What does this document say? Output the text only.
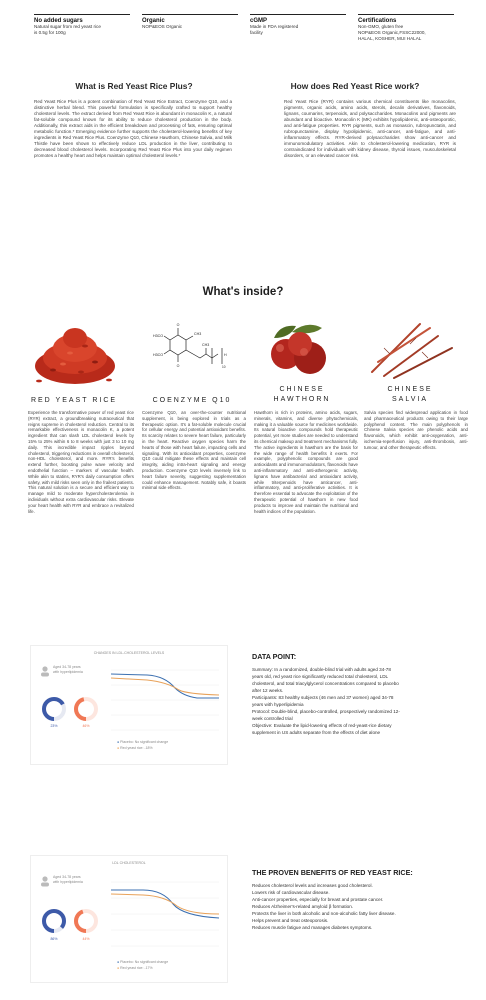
No added sugars
Natural sugar from red yeast rice
is 0.5g for 100g
Organic
NOP&EOS Organic
cGMP
Made in FDA registered
facility
Certifications
Non-GMO, gluten free
NOP&EOS Organic,FSSC22000,
HALAL, KOSHER, MUI HALAL
What is Red Yeast Rice Plus?
Red Yeast Rice Plus is a potent combination of Red Yeast Rice Extract, Coenzyme Q10, and a distinctive herbal blend. This powerful formulation is specifically crafted to support healthy cholesterol levels. The extract derived from Red Yeast Rice is abundant in monacolin K, a natural fat-soluble compound known for its ability to reduce cholesterol production in the body. Additionally, this extract aids in the efficient breakdown and processing of fats, ensuring optimal metabolic function.* Emerging evidence further supports the cholesterol-lowering benefits of key ingredients in Red Yeast Rice Plus. Coenzyme Q10, Chinese Hawthorn, Chinese Salvia, and Milk Thistle have been shown to effectively reduce LDL production in the liver, contributing to decreased blood cholesterol levels. Incorporating Red Yeast Rice Plus into your daily regimen promotes a healthy heart and helps maintain optimal cholesterol levels.*
How does Red Yeast Rice work?
Red Yeast Rice (RYR) contains various chemical constituents like monacolins, pigments, organic acids, amino acids, sterols, decalin derivatives, flavonoids, lignans, coumarins, terpenoids, and polysaccharides. Monacolins and pigments are abundant and bioactive. Monacolin K (MK) exhibits hypolipidemic, anti-osteoporotic, and anti-fatigue properties. RYR pigments, such as monascin, rubropunctatin, and rubropunctamine, display hypolipidemic, anti-cancer, anti-fatigue, and anti-inflammatory effects. RYR-derived polysaccharides show anti-cancer and immunomodulatory activities. Akin to cholesterol-lowering medication, RYR is contraindicated for individuals with kidney disease, thyroid issues, musculoskeletal disorders, or an elevated cancer risk.
What's inside?
O
O
H3CO
H3CO
CH3
CH3
H
10
CHINESE
HAWTHORN
CHINESE
SALVIA
RED YEAST RICE	COENZYME Q10
Experience the transformative power of red yeast rice (RYR) extract, a groundbreaking nutraceutical that reigns supreme in cholesterol reduction. Central to its remarkable effectiveness is monacolin K, a potent ingredient that can slash LDL cholesterol levels by 15% to 25% within 6 to 8 weeks with just 3 to 10 mg daily. This incredible impact ripples beyond cholesterol, triggering reductions in overall cholesterol, non-HDL cholesterol, and more. RYR's benefits extend further, boosting pulse wave velocity and endothelial function – markers of vascular health. While akin to statins, RYR's daily consumption offers safety, with mild risks seen only in the frailest patients. This natural solution is a secure and efficient way to manage mild to moderate hypercholesterolemia in individuals without extra cardiovascular risks. Elevate your heart health with RYR and embrace a revitalized life.
Coenzyme Q10, an over-the-counter nutritional supplement, is being explored in trials as a therapeutic option. It's a fat-soluble molecule crucial for cellular energy and potential antioxidant benefits. Its scarcity relates to severe heart failure, particularly in the heart. Reactive oxygen species harm the hearts of those with heart failure, impacting cells and signaling. With its antioxidant properties, coenzyme Q10 could mitigate these effects and maintain cell integrity, aiding intra-heart signaling and energy production. Coenzyme Q10 levels inversely link to heart failure severity, suggesting supplementation could enhance management. Notably safe, it boasts minimal side effects.
Hawthorn is rich in proteins, amino acids, sugars, minerals, vitamins, and diverse phytochemicals, making it a valuable source for medicines worldwide. Its natural bioactive compounds hold therapeutic potential, yet more studies are needed to understand its chemical makeup and treatment mechanisms fully. The active ingredients in hawthorn are the basis for the wide range of health benefits it exerts. For example, polyphenolic compounds are good antioxidants and immunomodulators, flavonoids have anti-inflammatory and anti-atherogenic activity, lignans have antibacterial and antioxidant activity, while triterpenoids have anticancer, anti-inflammatory, and anti-proliferative activities. It is therefore essential to advocate the exploitation of the therapeutic potential of hawthorn in new food products to improve and maintain the nutritional and health indices of the population.
Salvia species find widespread application in food and pharmaceutical products owing to their large polyphenol content. The main polyphenols in Chinese Salvia species are phenolic acids and flavonoids, which exhibit anti-oxygenation, anti-ischemia-reperfusion injury, anti-thrombosis, anti-tumour, and other therapeutic effects.
CHANGES IN LDL-CHOLESTEROL LEVELS
Aged 34-78 years
with hyperlipidemia
23%	46%
● Placebo: No significant change
● Red yeast rice: -18%
DATA POINT:
Summary: In a randomized, double-blind trial with adults aged 34-78
years old, red yeast rice significantly reduced total cholesterol, LDL
cholesterol, and total triacylglycerol concentrations compared to placebo
after 12 weeks.
Participants: 83 healthy subjects (46 men and 37 women) aged 34-78
years with hyperlipidemia
Protocol: Double-blind, placebo-controlled, prospectively randomized 12-
week controlled trial
Objective: Evaluate the lipid-lowering effects of red-yeast-rice dietary
supplement in US adults separate from the effects of diet alone
LDL CHOLESTEROL
Aged 34-78 years
with hyperlipidemia
86%	44%
● Placebo: No significant change
● Red yeast rice: -17%
THE PROVEN BENEFITS OF RED YEAST RICE:
Reduces cholesterol levels and increases good cholesterol.
Lowers risk of cardiovascular disease.
Anti-cancer properties, especially for breast and prostate cancer.
Reduces Alzheimer's-related amyloid β formation.
Protects the liver in both alcoholic and non-alcoholic fatty liver disease.
Helps prevent and treat osteoporosis.
Reduces muscle fatigue and manages diabetes symptoms.
